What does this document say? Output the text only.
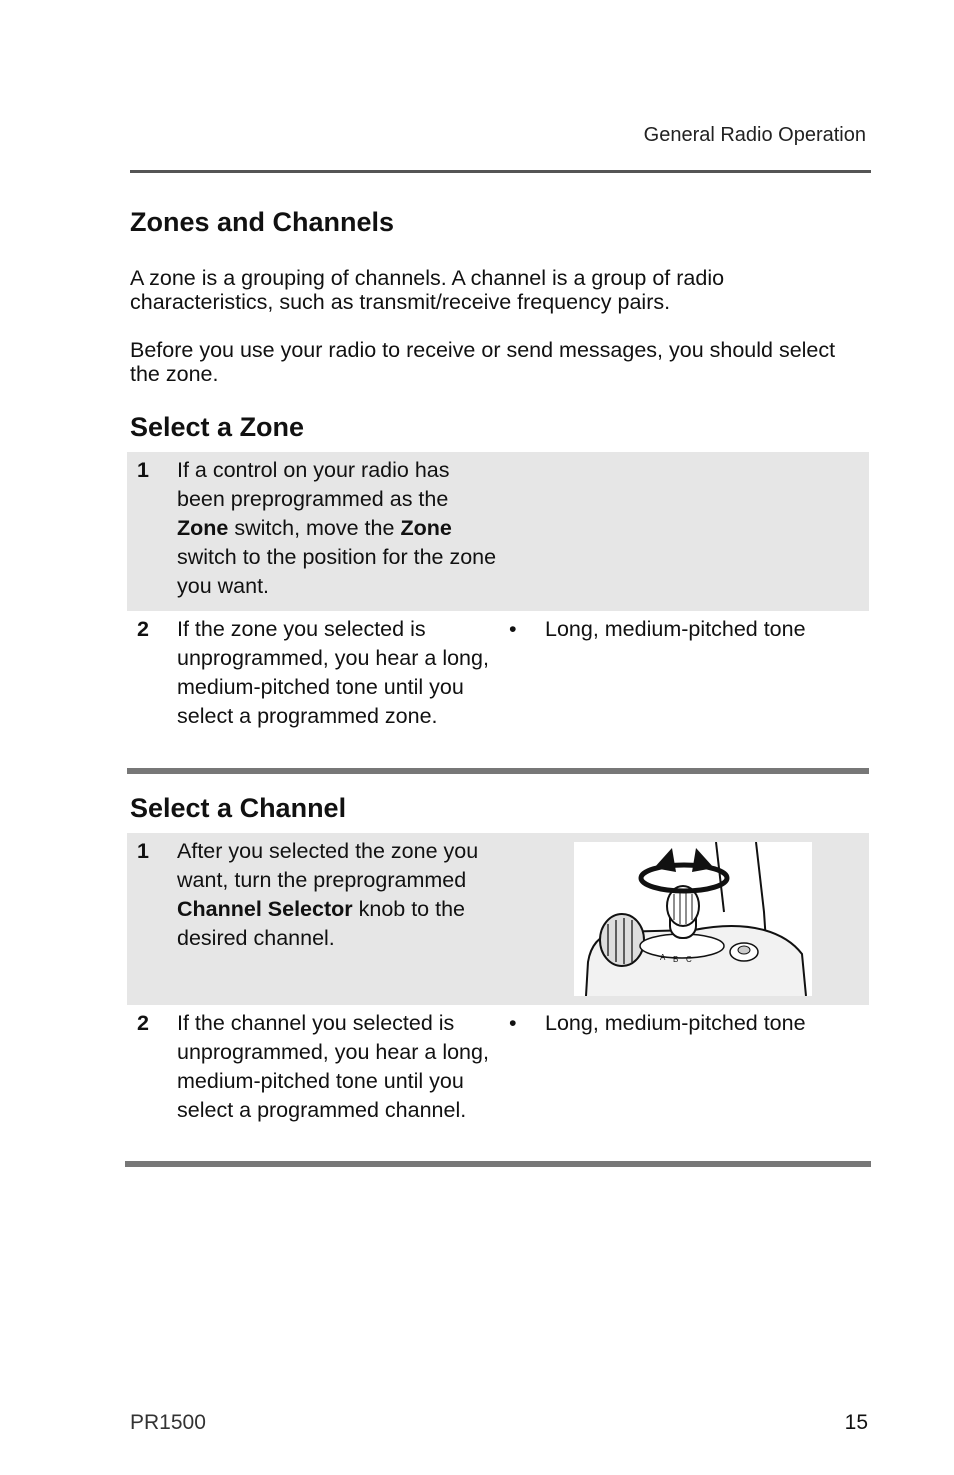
General Radio Operation
Zones and Channels

A zone is a grouping of channels. A channel is a group of radio characteristics, such as transmit/receive frequency pairs.

Before you use your radio to receive or send messages, you should select the zone.

Select a Zone
1	If a control on your radio has been preprogrammed as the Zone switch, move the Zone switch to the position for the zone you want.	
2	If the zone you selected is unprogrammed, you hear a long, medium-pitched tone until you select a programmed zone.	• Long, medium-pitched tone
Select a Channel
1	After you selected the zone you want, turn the preprogrammed Channel Selector knob to the desired channel.	A B C

2	If the channel you selected is unprogrammed, you hear a long, medium-pitched tone until you select a programmed channel.	• Long, medium-pitched tone
PR1500	15
